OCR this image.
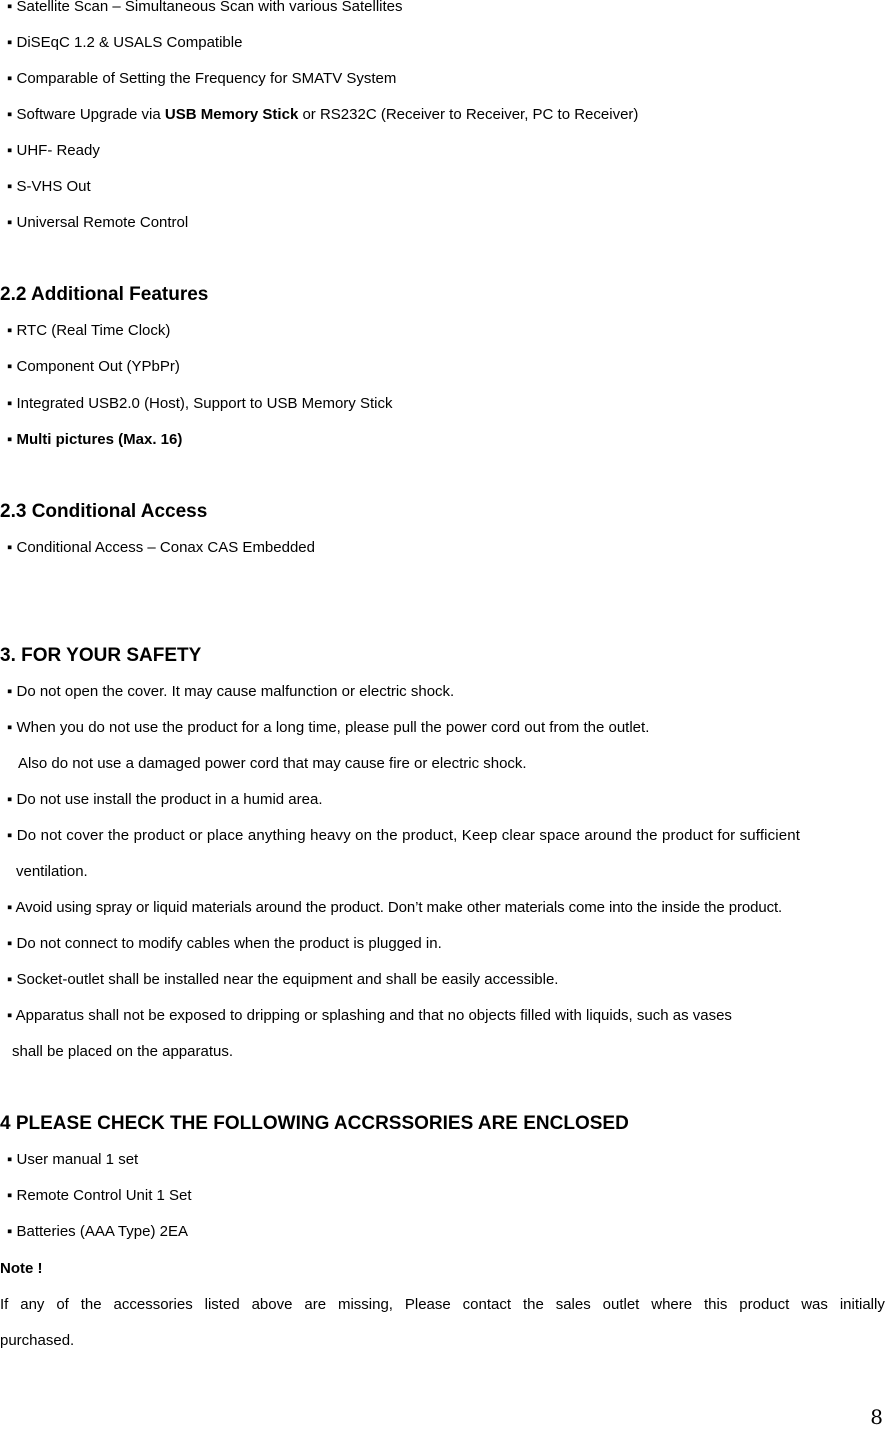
▪ Satellite Scan – Simultaneous Scan with various Satellites
▪ DiSEqC 1.2 & USALS Compatible
▪ Comparable of Setting the Frequency for SMATV System
▪ Software Upgrade via USB Memory Stick or RS232C (Receiver to Receiver, PC to Receiver)
▪ UHF- Ready
▪ S-VHS Out
▪ Universal Remote Control
2.2 Additional Features
▪ RTC (Real Time Clock)
▪ Component Out (YPbPr)
▪ Integrated USB2.0 (Host), Support to USB Memory Stick
▪ Multi pictures (Max. 16)
2.3 Conditional Access
▪ Conditional Access – Conax CAS Embedded
3. FOR YOUR SAFETY
▪ Do not open the cover. It may cause malfunction or electric shock.
▪ When you do not use the product for a long time, please pull the power cord out from the outlet.
Also do not use a damaged power cord that may cause fire or electric shock.
▪ Do not use install the product in a humid area.
▪ Do not cover the product or place anything heavy on the product, Keep clear space around the product for sufficient
ventilation.
▪ Avoid using spray or liquid materials around the product. Don’t make other materials come into the inside the product.
▪ Do not connect to modify cables when the product is plugged in.
▪ Socket-outlet shall be installed near the equipment and shall be easily accessible.
▪ Apparatus shall not be exposed to dripping or splashing and that no objects filled with liquids, such as vases
shall be placed on the apparatus.
4 PLEASE CHECK THE FOLLOWING ACCRSSORIES ARE ENCLOSED
▪ User manual 1 set
▪ Remote Control Unit 1 Set
▪ Batteries (AAA Type) 2EA
Note !
If any of the accessories listed above are missing, Please contact the sales outlet where this product was initially
purchased.
8
